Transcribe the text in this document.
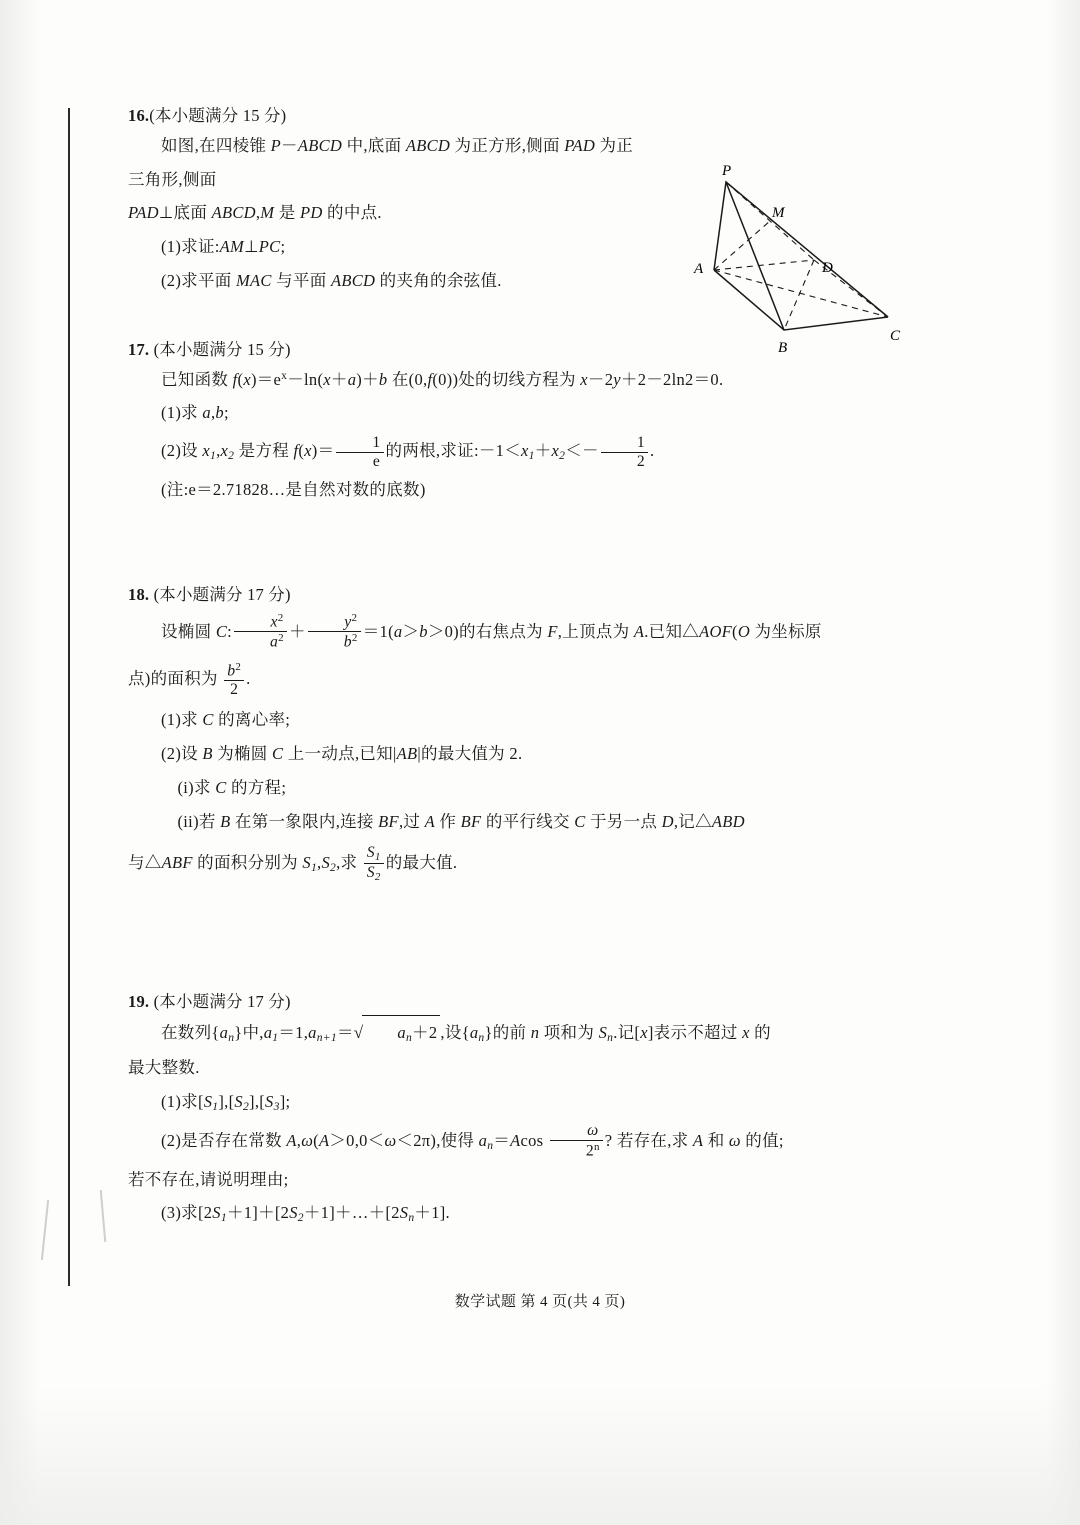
16.(本小题满分 15 分)
P
M
A	D
B
C
如图,在四棱锥 P－ABCD 中,底面 ABCD 为正方形,侧面 PAD 为正三角形,侧面
PAD⊥底面 ABCD,M 是 PD 的中点.
(1)求证:AM⊥PC;
(2)求平面 MAC 与平面 ABCD 的夹角的余弦值.
17. (本小题满分 15 分)
已知函数 $f(x)=e^x-\ln(x+a)+b$ 在(0,f(0))处的切线方程为 x－2y＋2－2ln2＝0.
(1)求 a,b;
(2)设 $x_1,x_2$ 是方程 $f(x)= \frac{1}{e}$ 的两根,求证$:-1<x_1+x_2<- \frac{1}{2}$ .
(注:e＝2.71828…是自然对数的底数)
18. (本小题满分 17 分)
设椭圆 C: $\frac{x^2}{a^2} + \frac{y^2}{b^2} =1(a>b>0)$的右焦点为 F,上顶点为 A.已知△AOF(O 为坐标原
点)的面积为 $\frac{b^2}{2}$ .
(1)求 C 的离心率;
(2)设 B 为椭圆 C 上一动点,已知|AB|的最大值为 2.
(i)求 C 的方程;
(ii)若 B 在第一象限内,连接 BF,过 A 作 BF 的平行线交 C 于另一点 D,记△ABD
与△ABF 的面积分别为 $S_1,S_2$,求 $\frac{S_1}{S_2}$ 的最大值.
19. (本小题满分 17 分)
在数列$\{a_n\}$中$,a_1=1,a_{n+1}=√$ $a_n+2$ ,设$\{a_n\}$的前 n 项和为 $S_n$.记[x]表示不超过 x 的
最大整数.
(1)求$[S_1],[S_2],[S_3]$;
(2)是否存在常数 A,ω(A＞0,0＜ω＜2π),使得 $a_n=Acos \frac{\omega}{2^n}$ ? 若存在,求 A 和 ω 的值;
若不存在,请说明理由;
(3)求$[2S_1+1]+[2S_2+1]+\dots+[2S_n+1]$.
数学试题 第 4 页(共 4 页)
